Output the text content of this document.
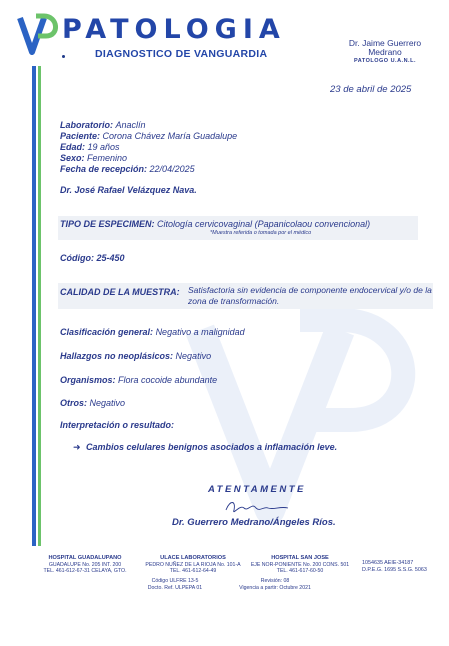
PATOLOGIA
DIAGNOSTICO DE VANGUARDIA
Dr. Jaime Guerrero
Medrano
PATOLOGO U.A.N.L.
23 de abril de 2025
Laboratorio: Anaclín
Paciente: Corona Chávez María Guadalupe
Edad: 19 años
Sexo: Femenino
Fecha de recepción: 22/04/2025
Dr. José Rafael Velázquez Nava.
TIPO DE ESPECIMEN: Citología cervicovaginal (Papanicolaou convencional)
*Muestra referida o tomada por el médico
Código: 25-450
CALIDAD DE LA MUESTRA: Satisfactoria sin evidencia de componente endocervical y/o de la
zona de transformación.
Clasificación general: Negativo a malignidad
Hallazgos no neoplásicos: Negativo
Organismos: Flora cocoide abundante
Otros: Negativo
Interpretación o resultado:
➜ Cambios celulares benignos asociados a inflamación leve.
ATENTAMENTE
Dr. Guerrero Medrano/Ángeles Ríos.
HOSPITAL GUADALUPANO
GUADALUPE No. 205 INT. 200
TEL. 461-612-67-31 CELAYA, GTO.
ULACE LABORATORIOS
PEDRO NUÑEZ DE LA RIOJA No. 101-A
TEL. 461-612-64-49
HOSPITAL SAN JOSE
EJE NOR-PONIENTE No. 200 CONS. 501
TEL. 461-617-60-50
1054635 AEIE-34187
D.P.E.G. 1695 S.S.G. 5063
Código ULFRE 13-5
Docto. Ref. ULPEPA 01
Revisión: 08
Vigencia a partir: Octubre 2021
